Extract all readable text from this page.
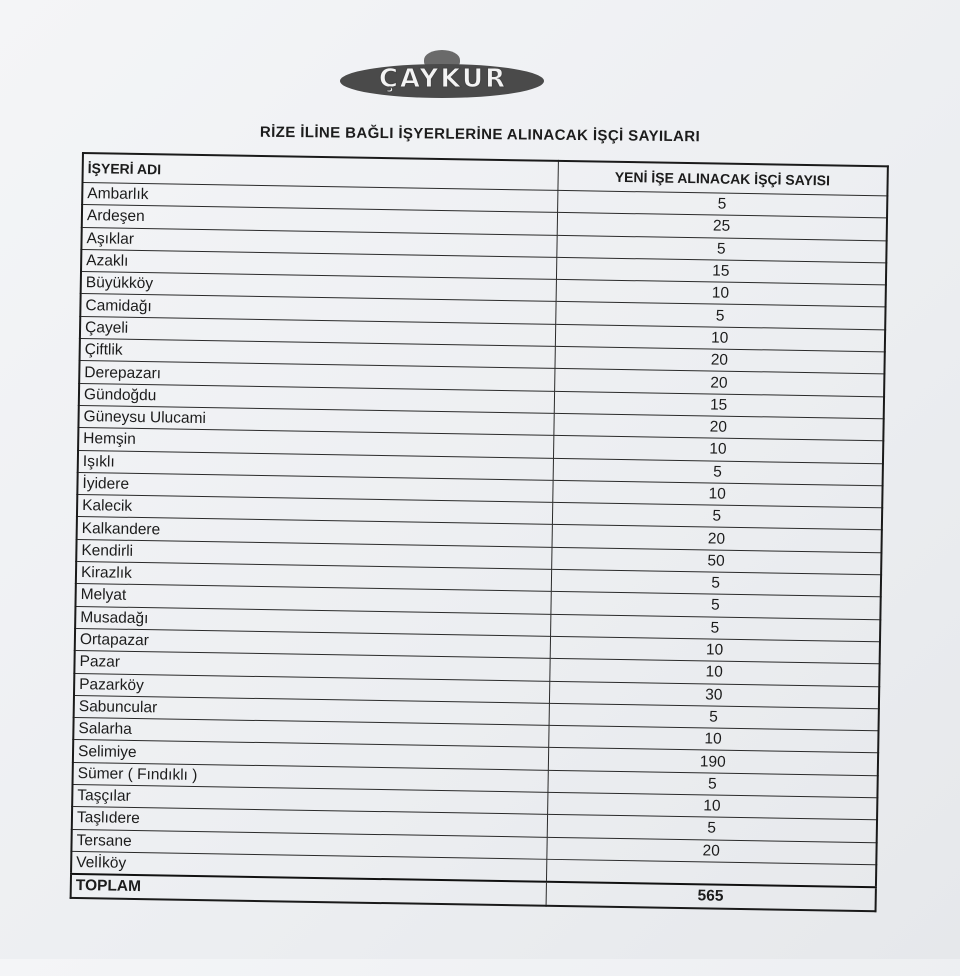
ÇAYKUR
RİZE İLİNE BAĞLI İŞYERLERİNE ALINACAK İŞÇİ SAYILARI
İŞYERİ ADI	YENİ İŞE ALINACAK İŞÇİ SAYISI
Ambarlık	5
Ardeşen	25
Aşıklar	5
Azaklı	15
Büyükköy	10
Camidağı	5
Çayeli	10
Çiftlik	20
Derepazarı	20
Gündoğdu	15
Güneysu Ulucami	20
Hemşin	10
Işıklı	5
İyidere	10
Kalecik	5
Kalkandere	20
Kendirli	50
Kirazlık	5
Melyat	5
Musadağı	5
Ortapazar	10
Pazar	10
Pazarköy	30
Sabuncular	5
Salarha	10
Selimiye	190
Sümer ( Fındıklı )	5
Taşçılar	10
Taşlıdere	5
Tersane	20
Velİköy	
TOPLAM	565
